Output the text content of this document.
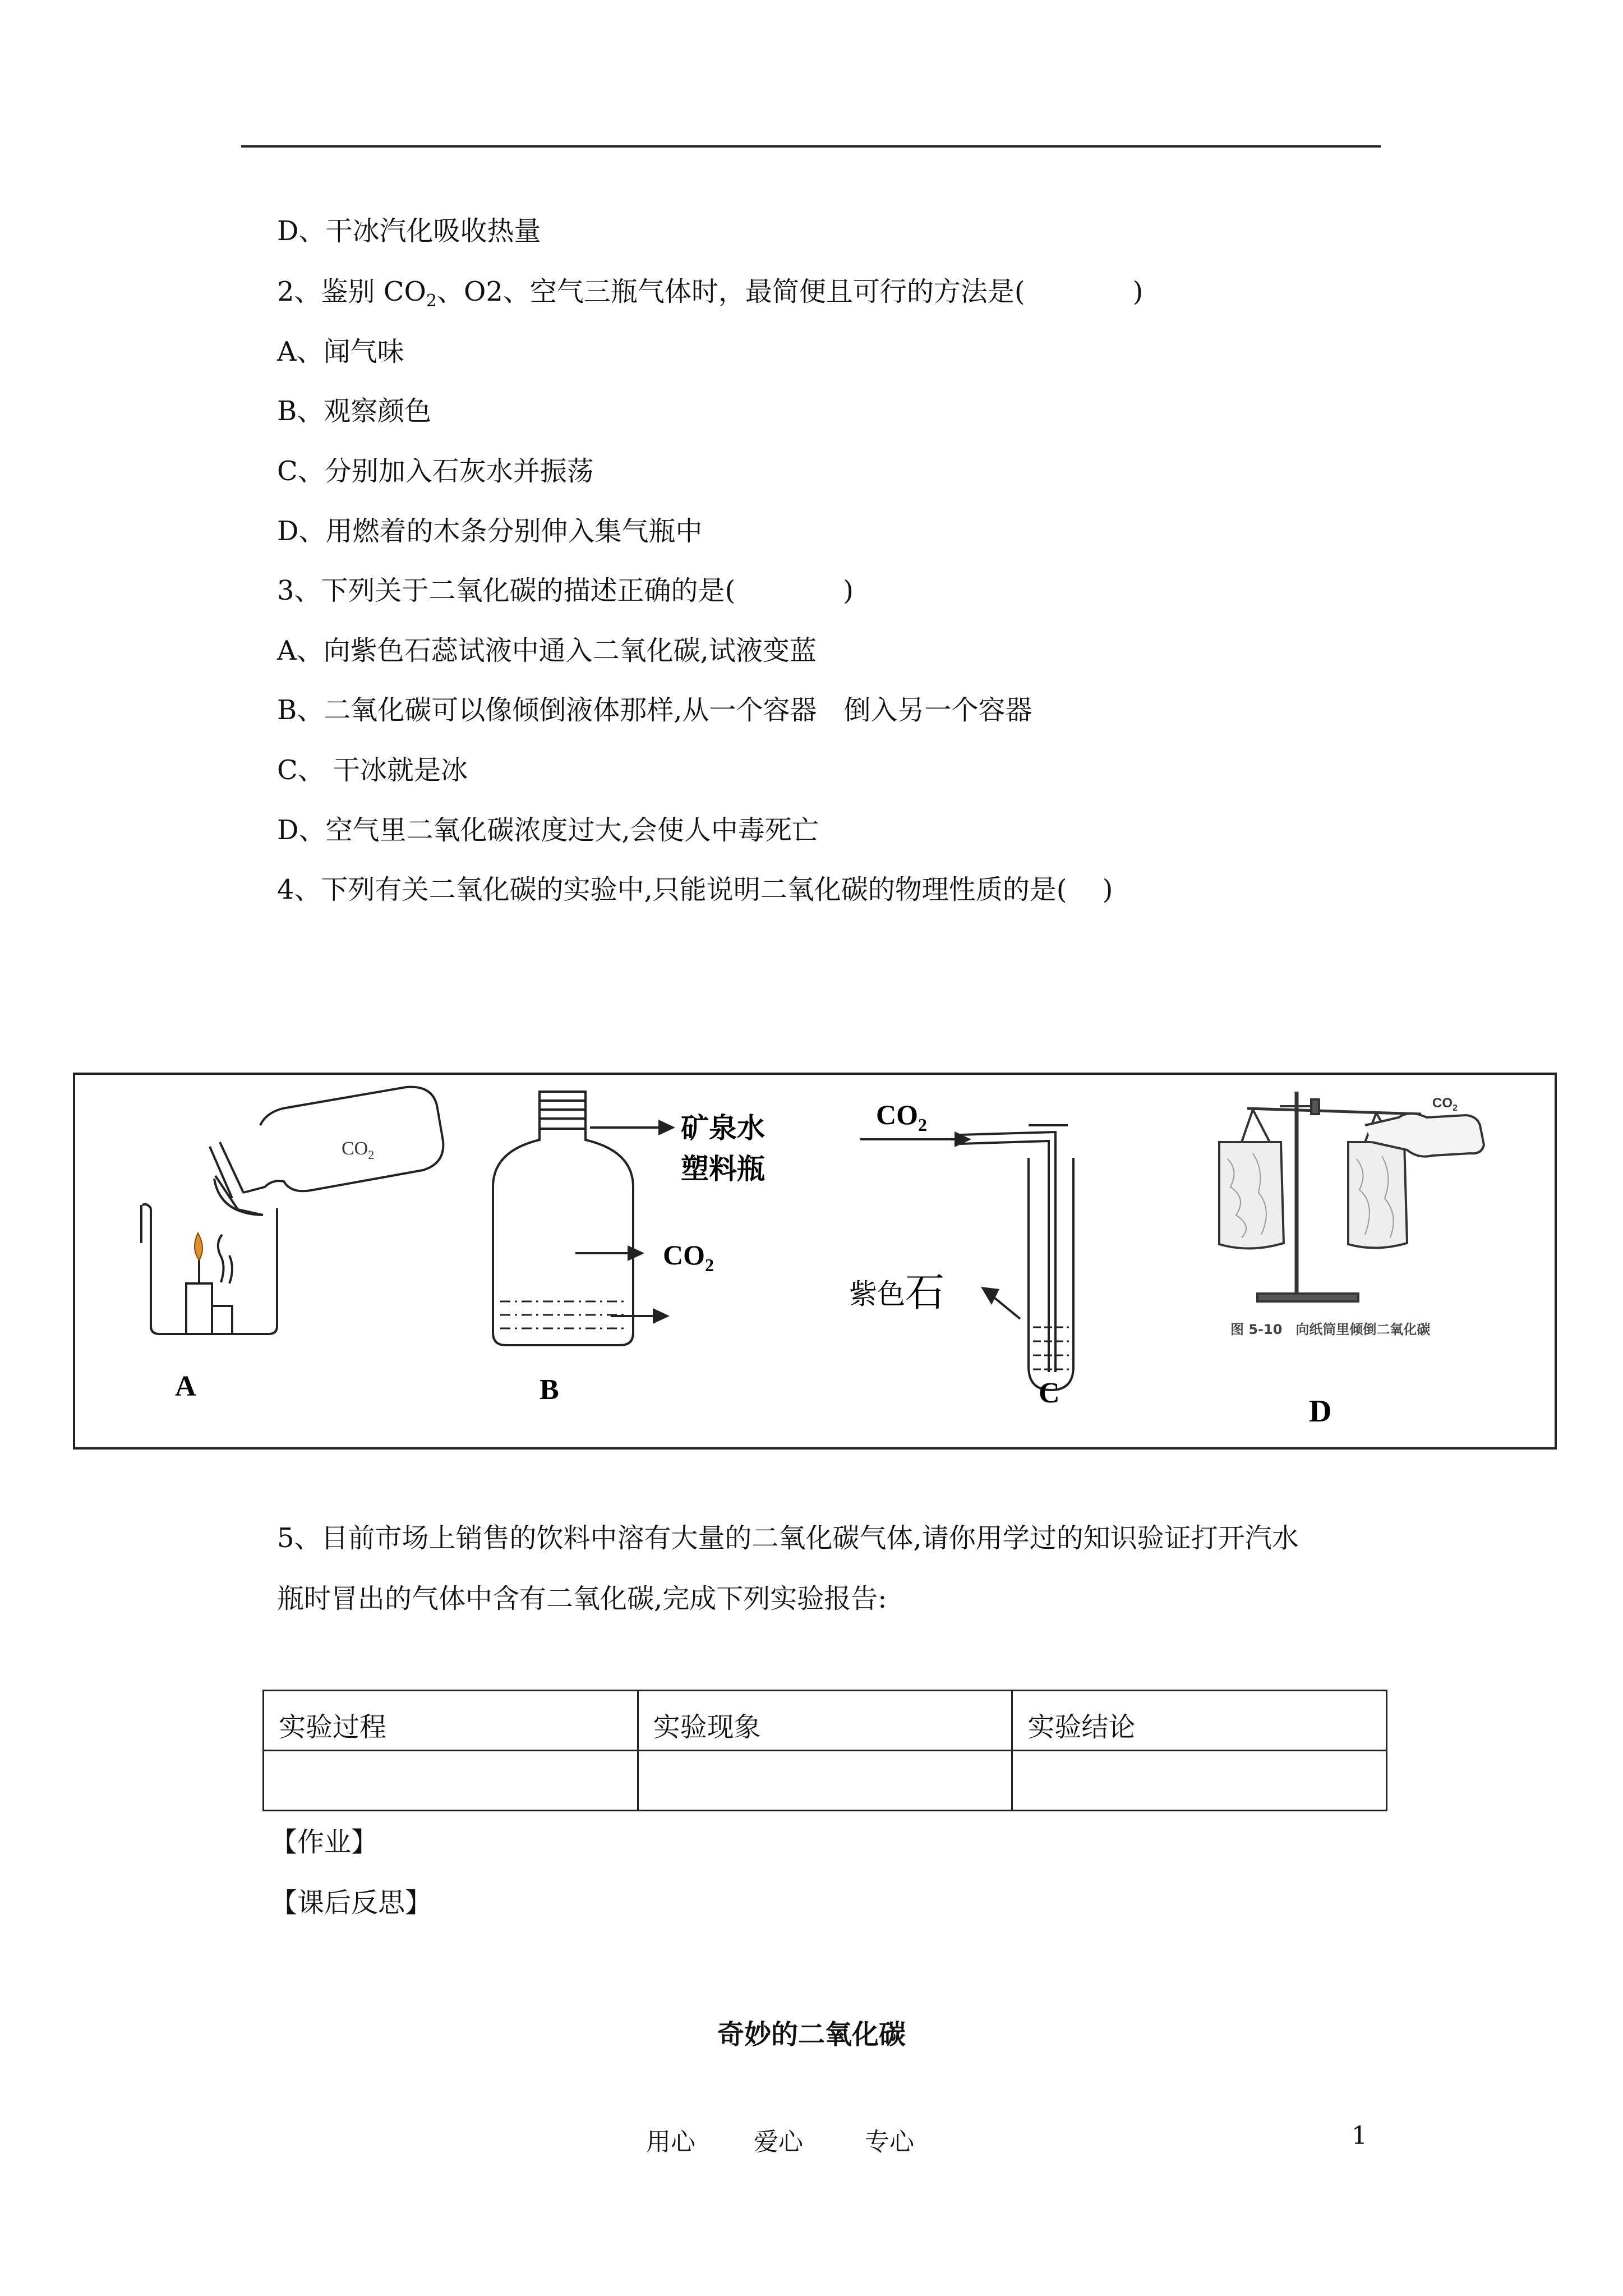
D、干冰汽化吸收热量
2、鉴别 $CO_2$、O2、空气三瓶气体时，最简便且可行的方法是(　　　　)
A、闻气味
B、观察颜色
C、分别加入石灰水并振荡
D、用燃着的木条分别伸入集气瓶中
3、下列关于二氧化碳的描述正确的是(　　　　)
A、向紫色石蕊试液中通入二氧化碳,试液变蓝
B、二氧化碳可以像倾倒液体那样,从一个容器　倒入另一个容器
C、 干冰就是冰
D、空气里二氧化碳浓度过大,会使人中毒死亡
4、下列有关二氧化碳的实验中,只能说明二氧化碳的物理性质的是(　 )
$CO_2$
A
矿泉水
塑料瓶
$CO_2$
B
$CO_2$
紫色 石
C
$CO_2$
图 5-10　向纸筒里倾倒二氧化碳
D
5、目前市场上销售的饮料中溶有大量的二氧化碳气体,请你用学过的知识验证打开汽水
瓶时冒出的气体中含有二氧化碳,完成下列实验报告:
实验过程	实验现象	实验结论

【作业】
【课后反思】
奇妙的二氧化碳
用心 爱心	专心	1
